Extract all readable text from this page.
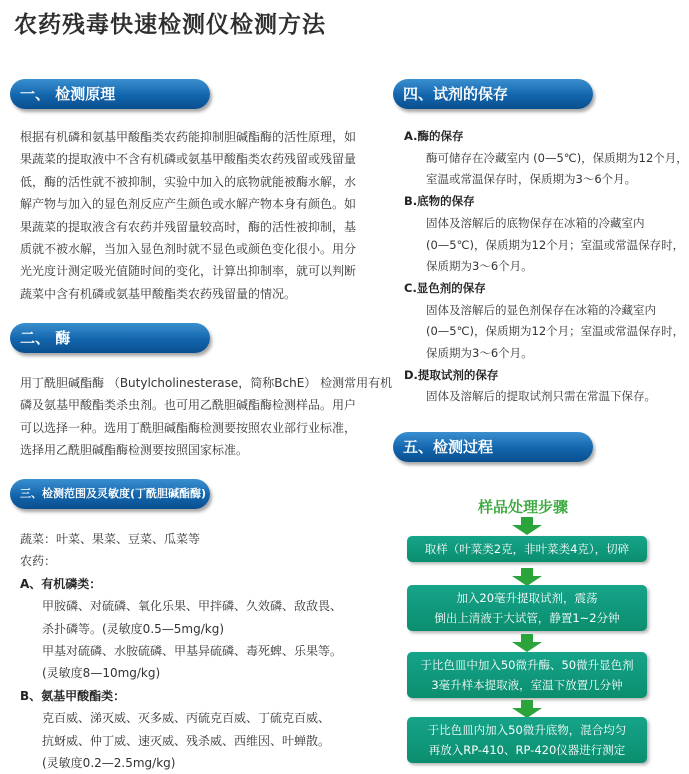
农药残毒快速检测仪检测方法
一、 检测原理
根据有机磷和氨基甲酸酯类农药能抑制胆碱酯酶的活性原理，如
果蔬菜的提取液中不含有机磷或氨基甲酸酯类农药残留或残留量
低，酶的活性就不被抑制，实验中加入的底物就能被酶水解，水
解产物与加入的显色剂反应产生颜色或水解产物本身有颜色。如
果蔬菜的提取液含有农药并残留量较高时，酶的活性被抑制，基
质就不被水解，当加入显色剂时就不显色或颜色变化很小。用分
光光度计测定吸光值随时间的变化，计算出抑制率，就可以判断
蔬菜中含有机磷或氨基甲酸酯类农药残留量的情况。
二、 酶
用丁酰胆碱酯酶 （Butylcholinesterase，简称BchE） 检测常用有机
磷及氨基甲酸酯类杀虫剂。也可用乙酰胆碱酯酶检测样品。用户
可以选择一种。选用丁酰胆碱酯酶检测要按照农业部行业标准，
选择用乙酰胆碱酯酶检测要按照国家标准。
三、检测范围及灵敏度(丁酰胆碱酯酶)
蔬菜：叶菜、果菜、豆菜、瓜菜等
农药：
A、有机磷类：
甲胺磷、对硫磷、氧化乐果、甲拌磷、久效磷、敌敌畏、
杀扑磷等。(灵敏度0.5—5mg/kg)
甲基对硫磷、水胺硫磷、甲基异硫磷、毒死蜱、乐果等。
(灵敏度8—10mg/kg)
B、氨基甲酸酯类：
克百威、涕灭威、灭多威、丙硫克百威、丁硫克百威、
抗蚜威、仲丁威、速灭威、残杀威、西维因、叶蝉散。
(灵敏度0.2—2.5mg/kg)
四、试剂的保存
A.酶的保存
酶可储存在冷藏室内 (0—5℃)，保质期为12个月，
室温或常温保存时，保质期为3～6个月。
B.底物的保存
固体及溶解后的底物保存在冰箱的冷藏室内
(0—5℃)，保质期为12个月；室温或常温保存时，
保质期为3～6个月。
C.显色剂的保存
固体及溶解后的显色剂保存在冰箱的冷藏室内
(0—5℃)，保质期为12个月；室温或常温保存时，
保质期为3～6个月。
D.提取试剂的保存
固体及溶解后的提取试剂只需在常温下保存。
五、检测过程
样品处理步骤
取样（叶菜类2克，非叶菜类4克），切碎
加入20毫升提取试剂，震荡
倒出上清液于大试管，静置1~2分钟
于比色皿中加入50微升酶、50微升显色剂
3毫升样本提取液，室温下放置几分钟
于比色皿内加入50微升底物，混合均匀
再放入RP-410、RP-420仪器进行测定
